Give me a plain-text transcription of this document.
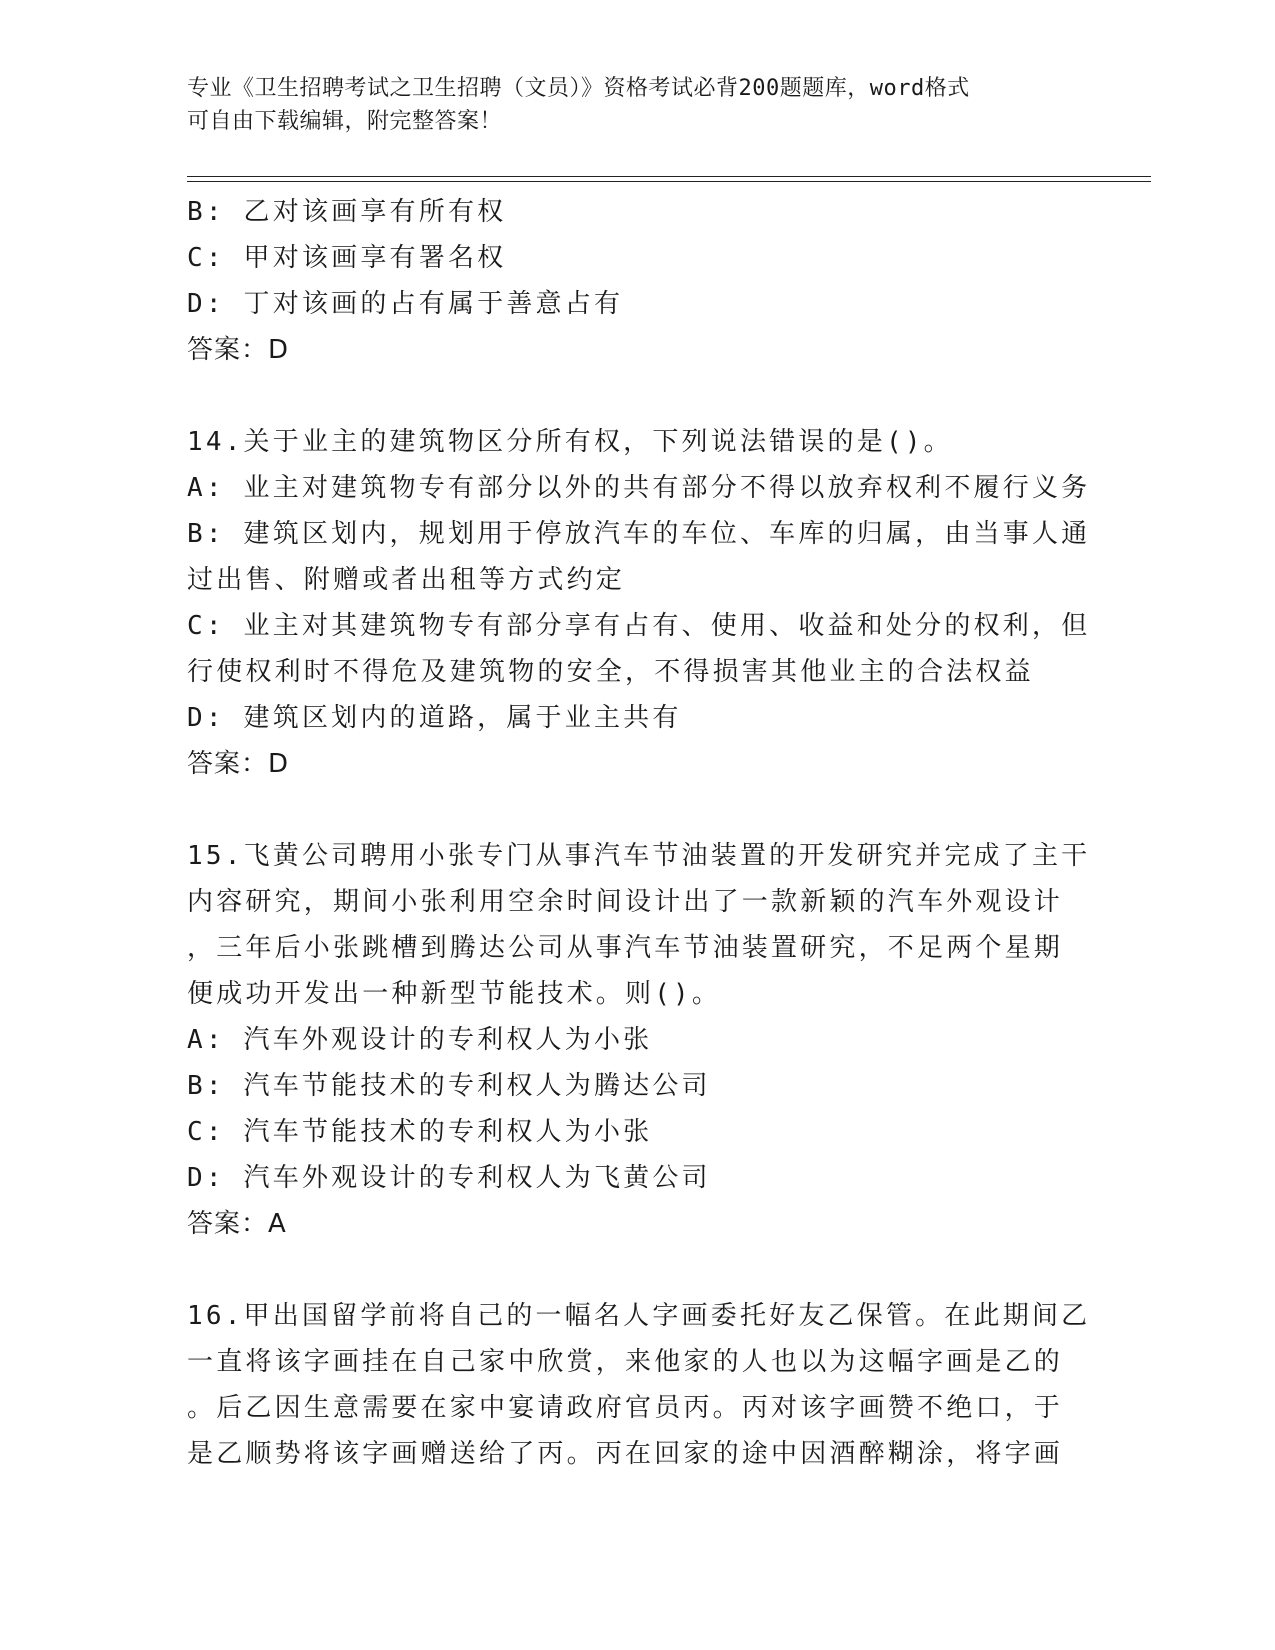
专业《卫生招聘考试之卫生招聘（文员）》资格考试必背200题题库，word格式
可自由下载编辑，附完整答案！
B: 乙对该画享有所有权
C: 甲对该画享有署名权
D: 丁对该画的占有属于善意占有
答案：D
14.关于业主的建筑物区分所有权，下列说法错误的是()。
A: 业主对建筑物专有部分以外的共有部分不得以放弃权利不履行义务
B: 建筑区划内，规划用于停放汽车的车位、车库的归属，由当事人通
过出售、附赠或者出租等方式约定
C: 业主对其建筑物专有部分享有占有、使用、收益和处分的权利，但
行使权利时不得危及建筑物的安全，不得损害其他业主的合法权益
D: 建筑区划内的道路，属于业主共有
答案：D
15.飞黄公司聘用小张专门从事汽车节油装置的开发研究并完成了主干
内容研究，期间小张利用空余时间设计出了一款新颖的汽车外观设计
，三年后小张跳槽到腾达公司从事汽车节油装置研究，不足两个星期
便成功开发出一种新型节能技术。则()。
A: 汽车外观设计的专利权人为小张
B: 汽车节能技术的专利权人为腾达公司
C: 汽车节能技术的专利权人为小张
D: 汽车外观设计的专利权人为飞黄公司
答案：A
16.甲出国留学前将自己的一幅名人字画委托好友乙保管。在此期间乙
一直将该字画挂在自己家中欣赏，来他家的人也以为这幅字画是乙的
。后乙因生意需要在家中宴请政府官员丙。丙对该字画赞不绝口，于
是乙顺势将该字画赠送给了丙。丙在回家的途中因酒醉糊涂，将字画
